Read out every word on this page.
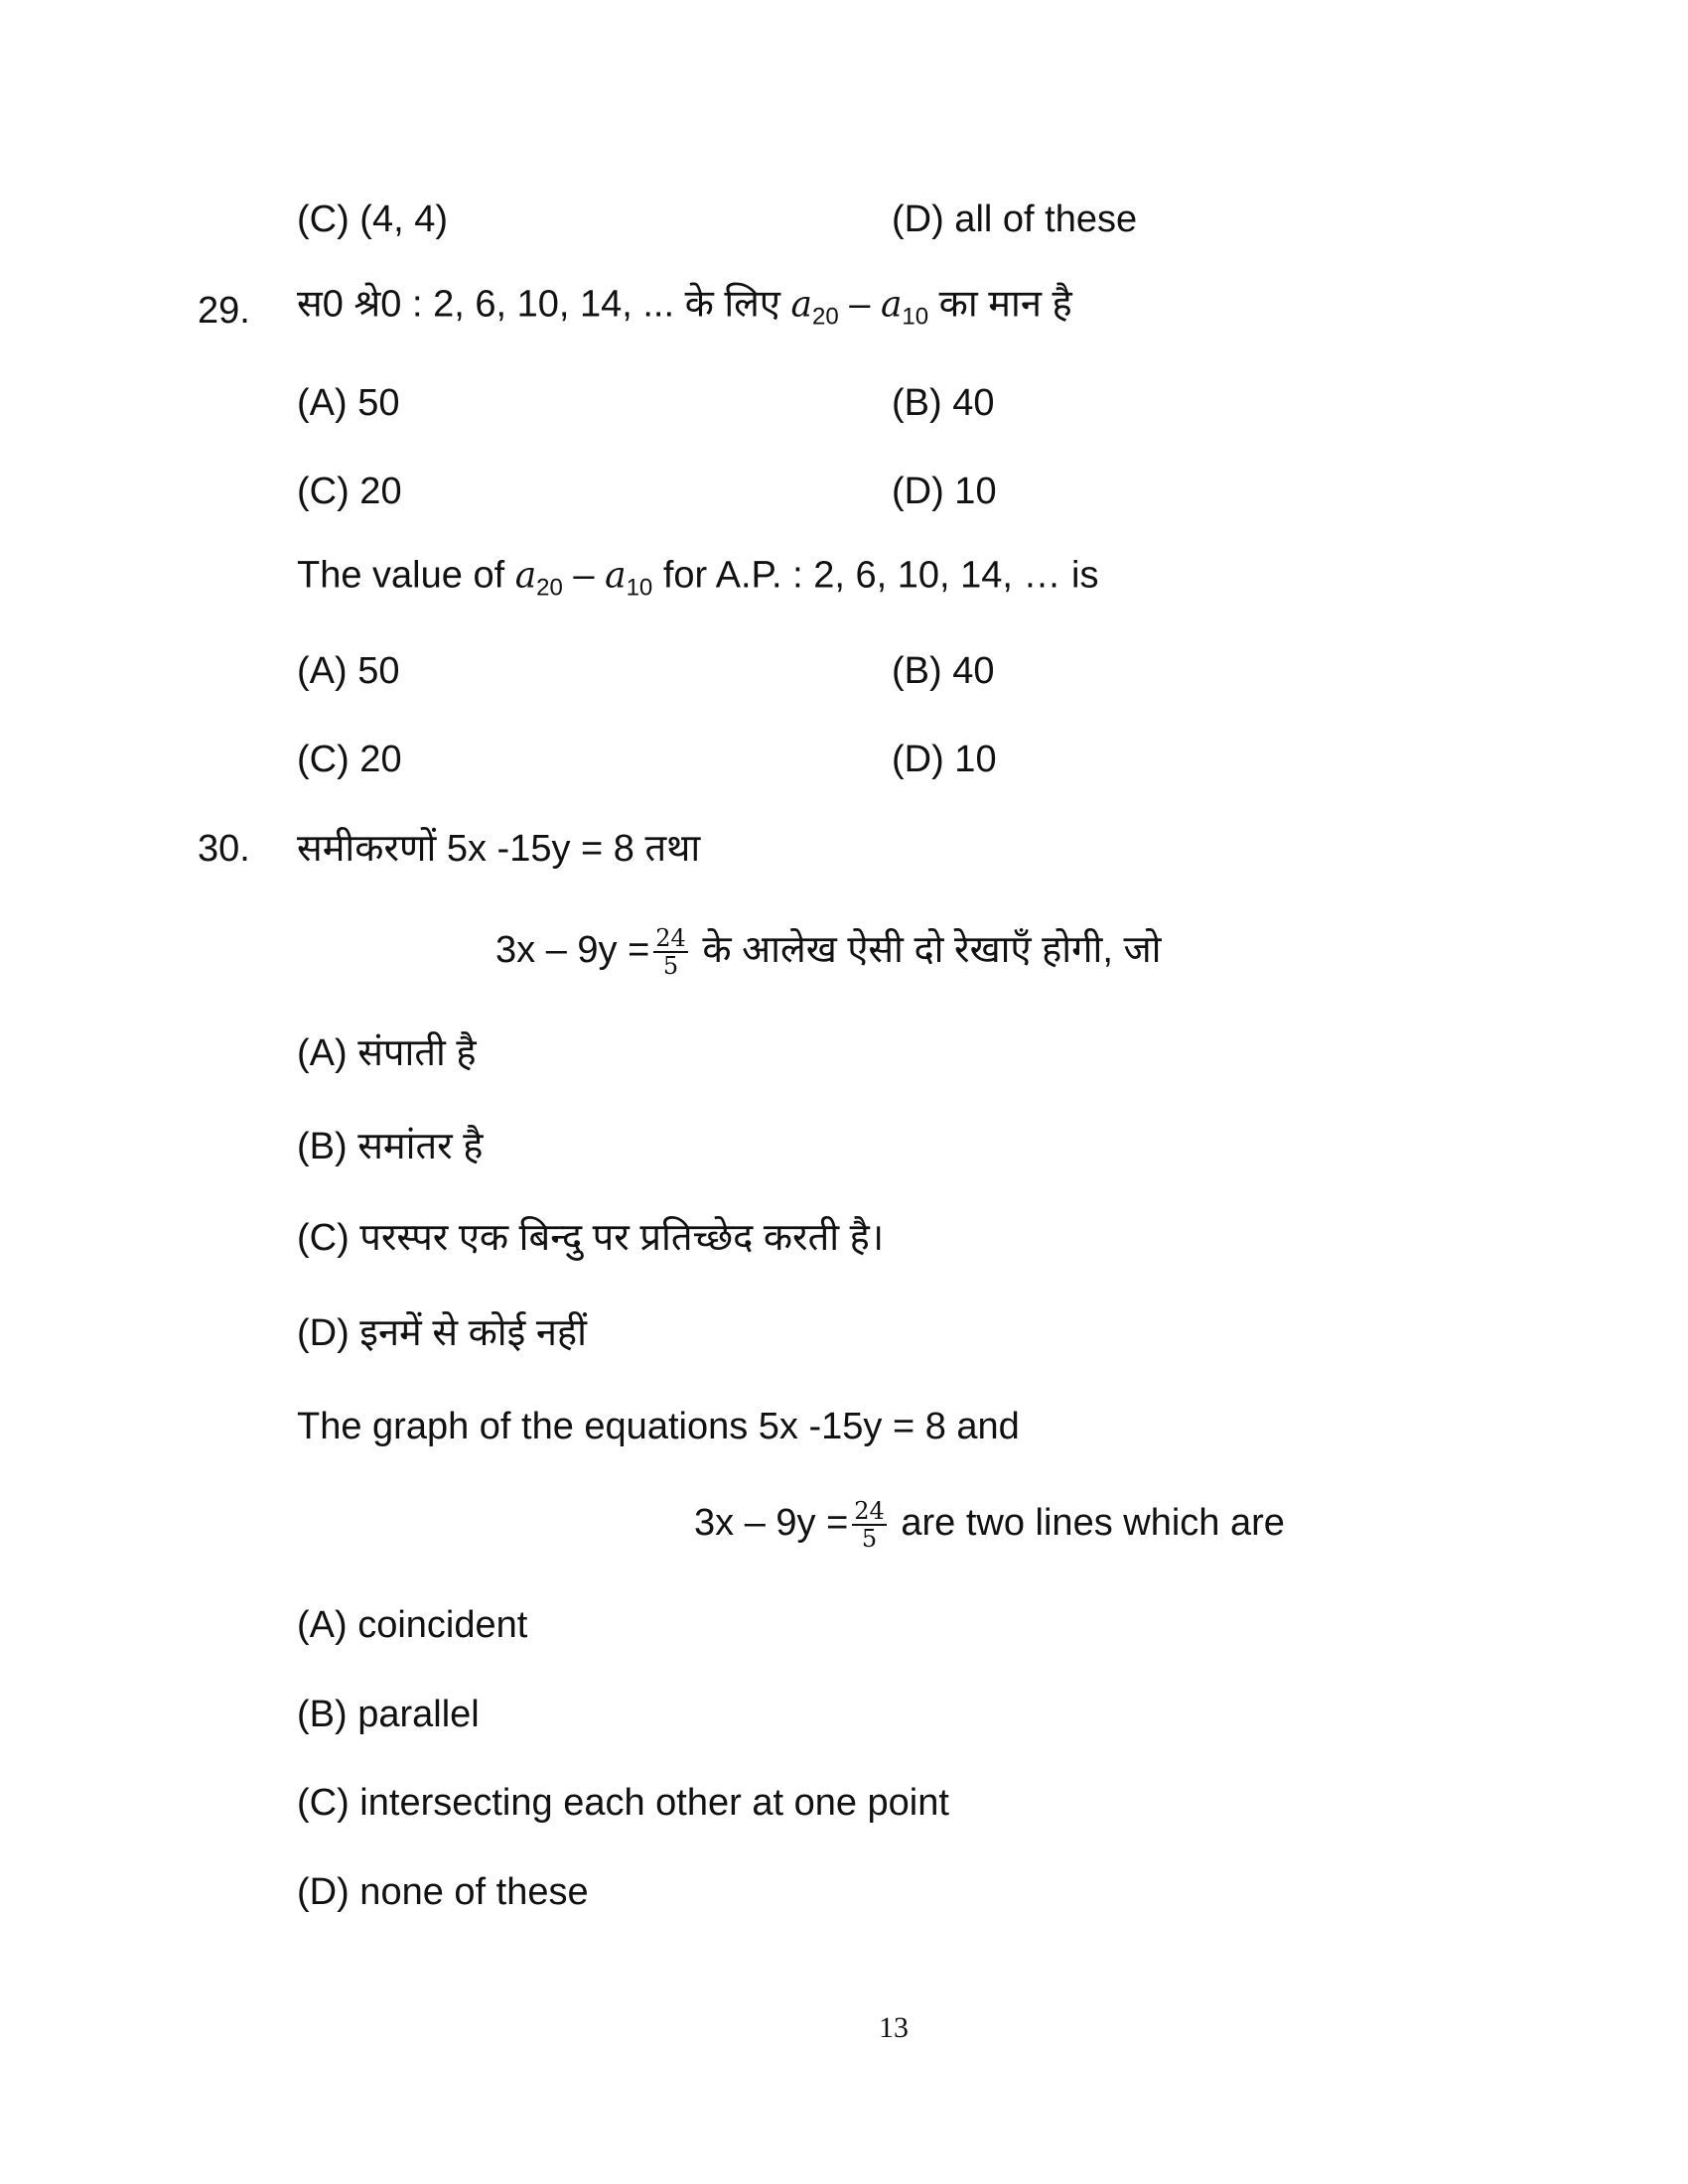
(C) (4, 4)	(D) all of these
29. स0 श्रे0 : 2, 6, 10, 14, ... के लिए $a_{20} - a_{10}$ का मान है
(A) 50	(B) 40
(C) 20	(D) 10
The value of $a_{20} - a_{10}$ for A.P. : 2, 6, 10, 14, … is
(A) 50	(B) 40
(C) 20	(D) 10
30. समीकरणों 5x -15y = 8 तथा
$3x - 9y = \frac{24}{5}$ के आलेख ऐसी दो रेखाएँ होगी, जो
(A) संपाती है
(B) समांतर है
(C) परस्पर एक बिन्दु पर प्रतिच्छेद करती है।
(D) इनमें से कोई नहीं
The graph of the equations 5x -15y = 8 and
$3x - 9y = \frac{24}{5}$ are two lines which are
(A) coincident
(B) parallel
(C) intersecting each other at one point
(D) none of these
13
